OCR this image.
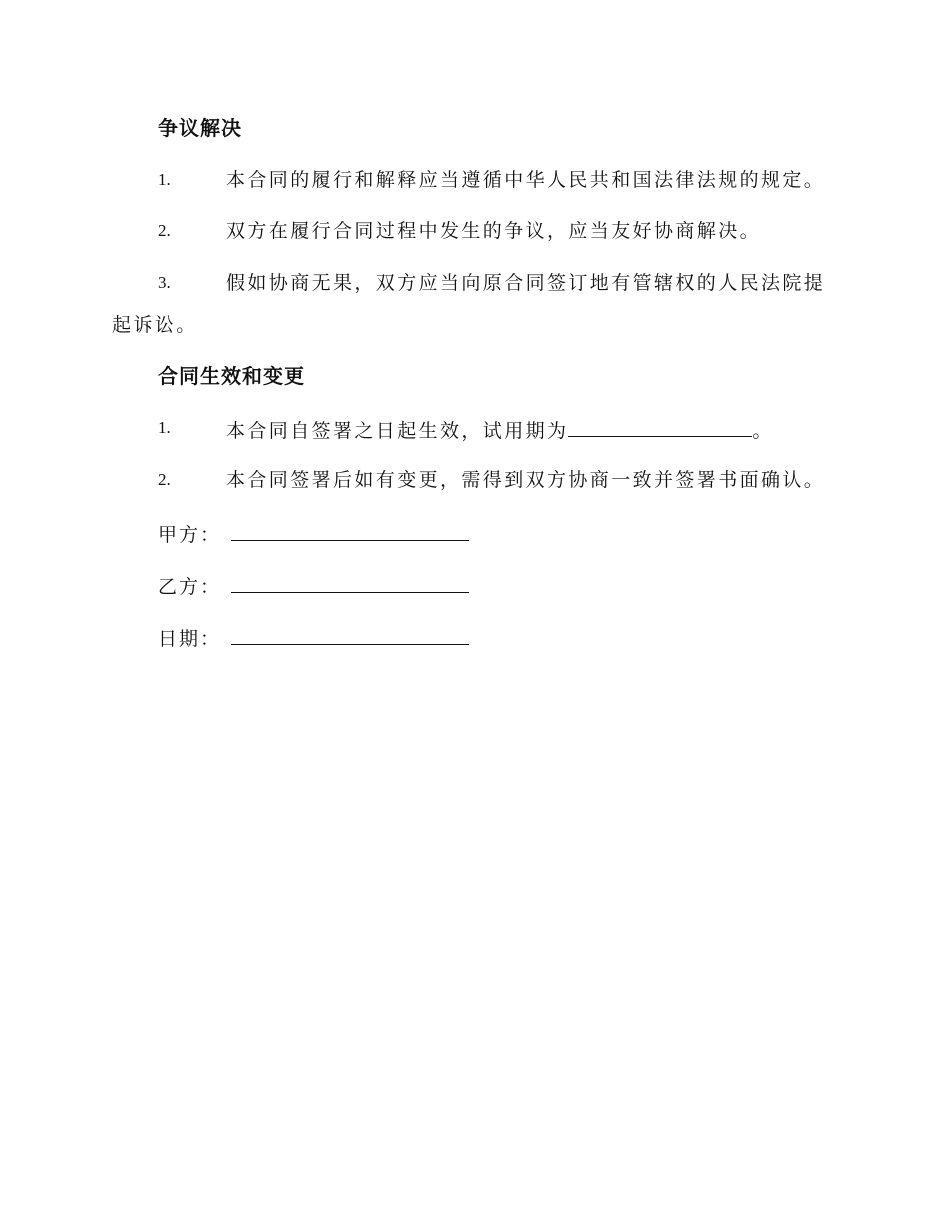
争议解决
1.	本合同的履行和解释应当遵循中华人民共和国法律法规的规定。
2.	双方在履行合同过程中发生的争议，应当友好协商解决。
3.	假如协商无果，双方应当向原合同签订地有管辖权的人民法院提
起诉讼。
合同生效和变更
1.	本合同自签署之日起生效，试用期为	。
2.	本合同签署后如有变更，需得到双方协商一致并签署书面确认。
甲方：
乙方：
日期：
